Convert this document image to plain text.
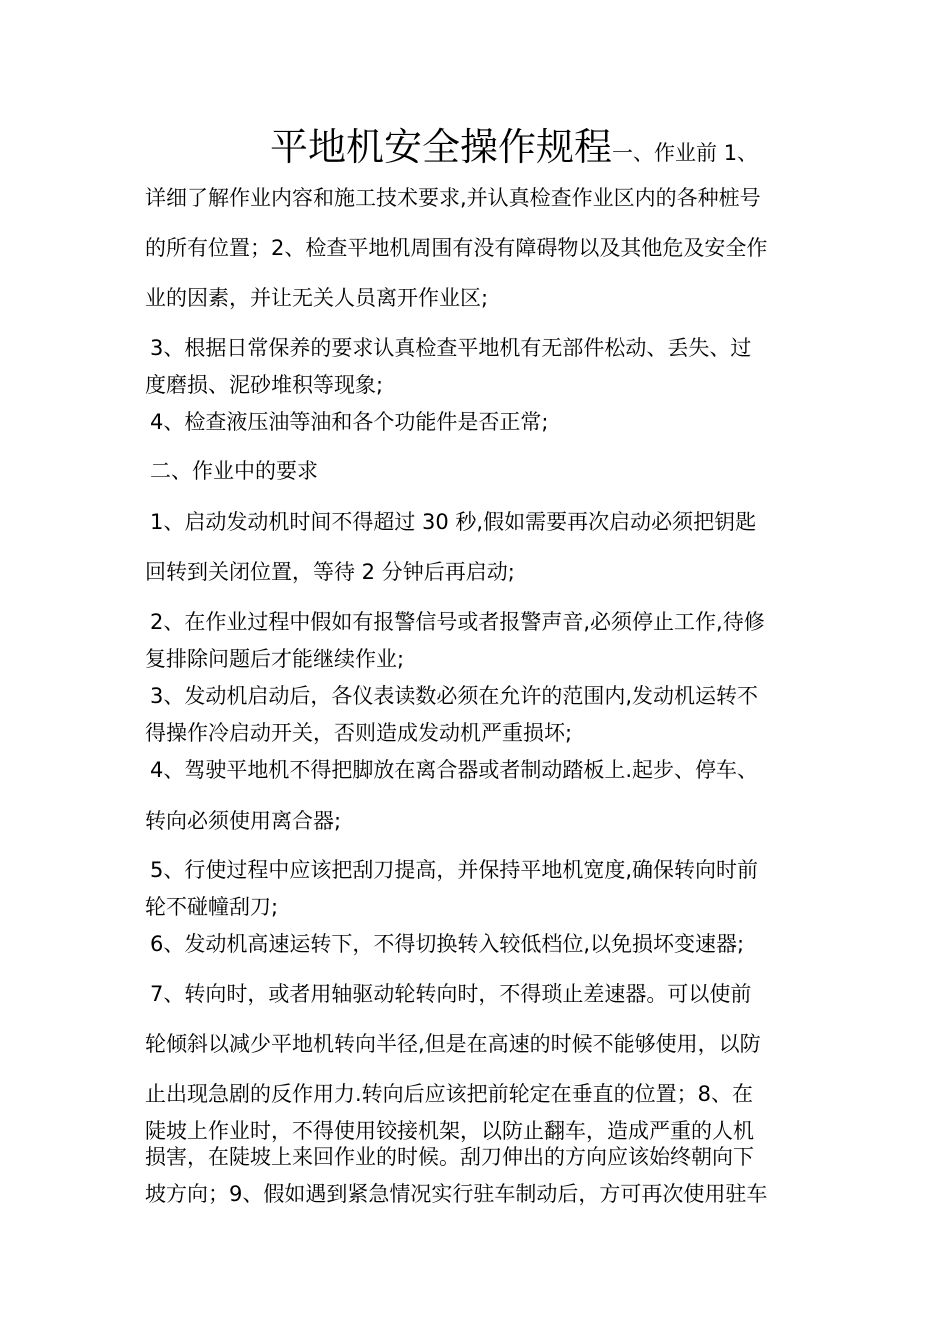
平地机安全操作规程一、作业前 1、
详细了解作业内容和施工技术要求,并认真检查作业区内的各种桩号
的所有位置；2、检查平地机周围有没有障碍物以及其他危及安全作
业的因素，并让无关人员离开作业区;
3、根据日常保养的要求认真检查平地机有无部件松动、丢失、过
度磨损、泥砂堆积等现象;
4、检查液压油等油和各个功能件是否正常;
二、作业中的要求
1、启动发动机时间不得超过 30 秒,假如需要再次启动必须把钥匙
回转到关闭位置，等待 2 分钟后再启动;
2、在作业过程中假如有报警信号或者报警声音,必须停止工作,待修
复排除问题后才能继续作业;
3、发动机启动后，各仪表读数必须在允许的范围内,发动机运转不
得操作冷启动开关，否则造成发动机严重损坏;
4、驾驶平地机不得把脚放在离合器或者制动踏板上.起步、停车、
转向必须使用离合器;
5、行使过程中应该把刮刀提高，并保持平地机宽度,确保转向时前
轮不碰幢刮刀;
6、发动机高速运转下，不得切换转入较低档位,以免损坏变速器;
7、转向时，或者用轴驱动轮转向时，不得琐止差速器。可以使前
轮倾斜以减少平地机转向半径,但是在高速的时候不能够使用，以防
止出现急剧的反作用力.转向后应该把前轮定在垂直的位置；8、在
陡坡上作业时，不得使用铰接机架，以防止翻车，造成严重的人机
损害，在陡坡上来回作业的时候。刮刀伸出的方向应该始终朝向下
坡方向；9、假如遇到紧急情况实行驻车制动后，方可再次使用驻车
